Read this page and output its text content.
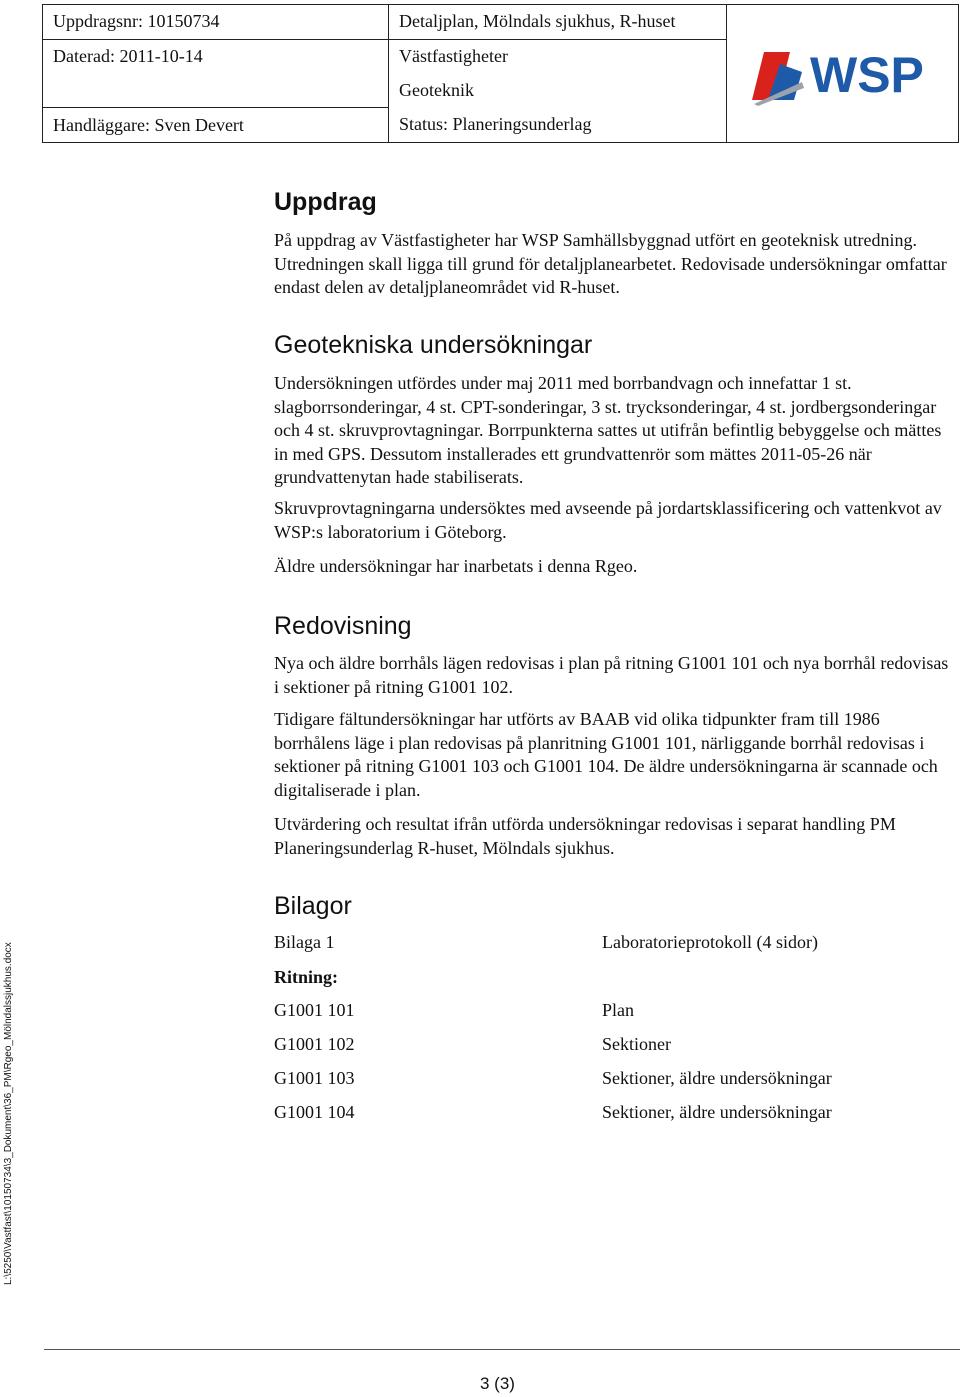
Uppdragsnr: 10150734	Detaljplan, Mölndals sjukhus, R-huset	WSP

Daterad: 2011-10-14	Västfastigheter	
	Geoteknik	
Handläggare: Sven Devert	Status: Planeringsunderlag	
Uppdrag

På uppdrag av Västfastigheter har WSP Samhällsbyggnad utfört en geoteknisk utredning. Utredningen skall ligga till grund för detaljplanearbetet. Redovisade undersökningar omfattar endast delen av detaljplaneområdet vid R-huset.

Geotekniska undersökningar

Undersökningen utfördes under maj 2011 med borrbandvagn och innefattar 1 st. slagborrsonderingar, 4 st. CPT-sonderingar, 3 st. trycksonderingar, 4 st. jordbergsonderingar och 4 st. skruvprovtagningar. Borrpunkterna sattes ut utifrån befintlig bebyggelse och mättes in med GPS. Dessutom installerades ett grundvattenrör som mättes 2011-05-26 när grundvattenytan hade stabiliserats.

Skruvprovtagningarna undersöktes med avseende på jordartsklassificering och vattenkvot av WSP:s laboratorium i Göteborg.

Äldre undersökningar har inarbetats i denna Rgeo.

Redovisning

Nya och äldre borrhåls lägen redovisas i plan på ritning G1001 101 och nya borrhål redovisas i sektioner på ritning G1001 102.

Tidigare fältundersökningar har utförts av BAAB vid olika tidpunkter fram till 1986 borrhålens läge i plan redovisas på planritning G1001 101, närliggande borrhål redovisas i sektioner på ritning G1001 103 och G1001 104. De äldre undersökningarna är scannade och digitaliserade i plan.

Utvärdering och resultat ifrån utförda undersökningar redovisas i separat handling PM Planeringsunderlag R-huset, Mölndals sjukhus.

Bilagor
Bilaga 1	Laboratorieprotokoll (4 sidor)
Ritning:
G1001 101	Plan
G1001 102	Sektioner
G1001 103	Sektioner, äldre undersökningar
G1001 104	Sektioner, äldre undersökningar
L:\5250\Vastfast\10150734\3_Dokument\36_PM\Rgeo_Mölndalssjukhus.docx
3 (3)
